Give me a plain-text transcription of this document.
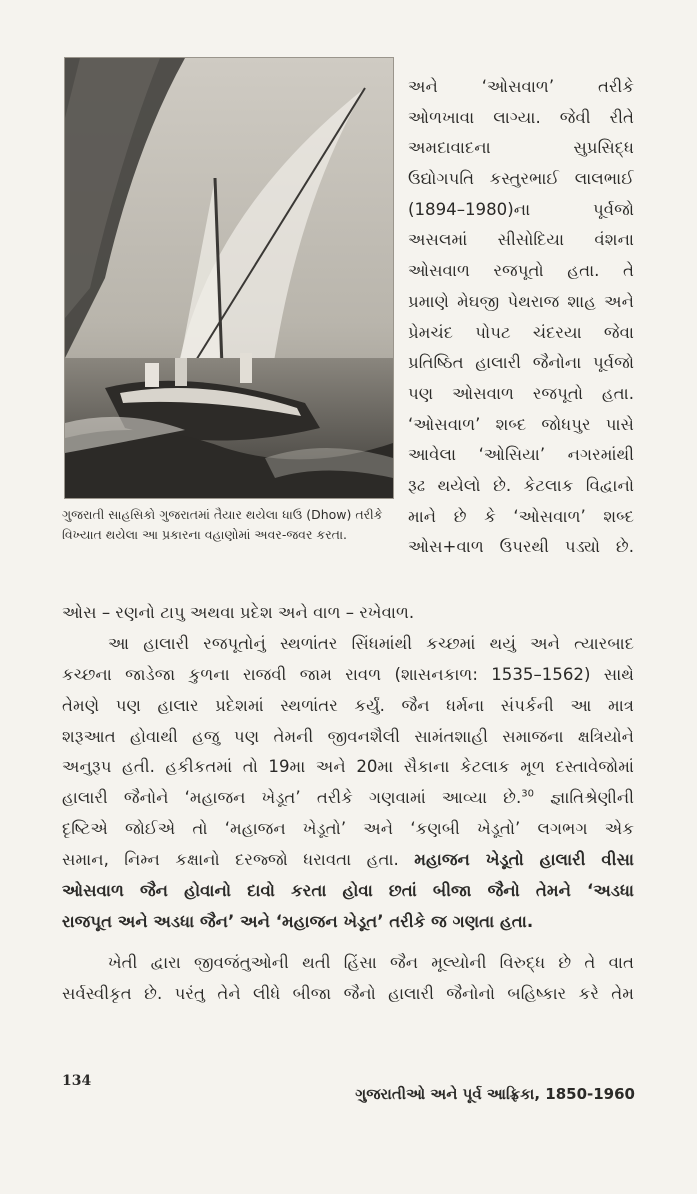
ગુજરાતી સાહસિકો ગુજરાતમાં તૈયાર થયેલા ધાઉ (Dhow) તરીકે વિખ્યાત થયેલા આ પ્રકારના વહાણોમાં અવર-જવર કરતા.
અને ‘ઓસવાળ’ તરીકે
ઓળખાવા લાગ્યા. જેવી રીતે
અમદાવાદના સુપ્રસિદ્ધ
ઉદ્યોગપતિ કસ્તુરભાઈ લાલભાઈ
(1894–1980)ના પૂર્વજો
અસલમાં સીસોદિયા વંશના
ઓસવાળ રજપૂતો હતા. તે
પ્રમાણે મેઘજી પેથરાજ શાહ અને
પ્રેમચંદ પોપટ ચંદરયા જેવા
પ્રતિષ્ઠિત હાલારી જૈનોના પૂર્વજો
પણ ઓસવાળ રજપૂતો હતા.
‘ઓસવાળ’ શબ્દ જોધપુર પાસે
આવેલા ‘ઓસિયા’ નગરમાંથી
રૂઢ થયેલો છે. કેટલાક વિદ્વાનો
માને છે કે ‘ઓસવાળ’ શબ્દ
ઓસ+વાળ ઉપરથી પડ્યો છે.
ઓસ – રણનો ટાપુ અથવા પ્રદેશ અને વાળ – રખેવાળ.
આ હાલારી રજપૂતોનું સ્થળાંતર સિંધમાંથી કચ્છમાં થયું અને ત્યારબાદ
કચ્છના જાડેજા કુળના રાજવી જામ રાવળ (શાસનકાળ: 1535–1562) સાથે
તેમણે પણ હાલાર પ્રદેશમાં સ્થળાંતર કર્યું. જૈન ધર્મના સંપર્કની આ માત્ર
શરૂઆત હોવાથી હજુ પણ તેમની જીવનશૈલી સામંતશાહી સમાજના ક્ષત્રિયોને
અનુરૂપ હતી. હકીકતમાં તો 19મા અને 20મા સૈકાના કેટલાક મૂળ દસ્તાવેજોમાં
હાલારી જૈનોને ‘મહાજન ખેડૂત’ તરીકે ગણવામાં આવ્યા છે.$^{30}$ જ્ઞાતિશ્રેણીની
દૃષ્ટિએ જોઈએ તો ‘મહાજન ખેડૂતો’ અને ‘કણબી ખેડૂતો’ લગભગ એક
સમાન, નિમ્ન કક્ષાનો દરજ્જો ધરાવતા હતા. મહાજન ખેડૂતો હાલારી વીસા
ઓસવાળ જૈન હોવાનો દાવો કરતા હોવા છતાં બીજા જૈનો તેમને ‘અડધા
રાજપૂત અને અડધા જૈન’ અને ‘મહાજન ખેડૂત’ તરીકે જ ગણતા હતા.
ખેતી દ્વારા જીવજંતુઓની થતી હિંસા જૈન મૂલ્યોની વિરુદ્ધ છે તે વાત
સર્વસ્વીકૃત છે. પરંતુ તેને લીધે બીજા જૈનો હાલારી જૈનોનો બહિષ્કાર કરે તેમ
134
ગુજરાતીઓ અને પૂર્વ આફ્રિકા, 1850-1960
